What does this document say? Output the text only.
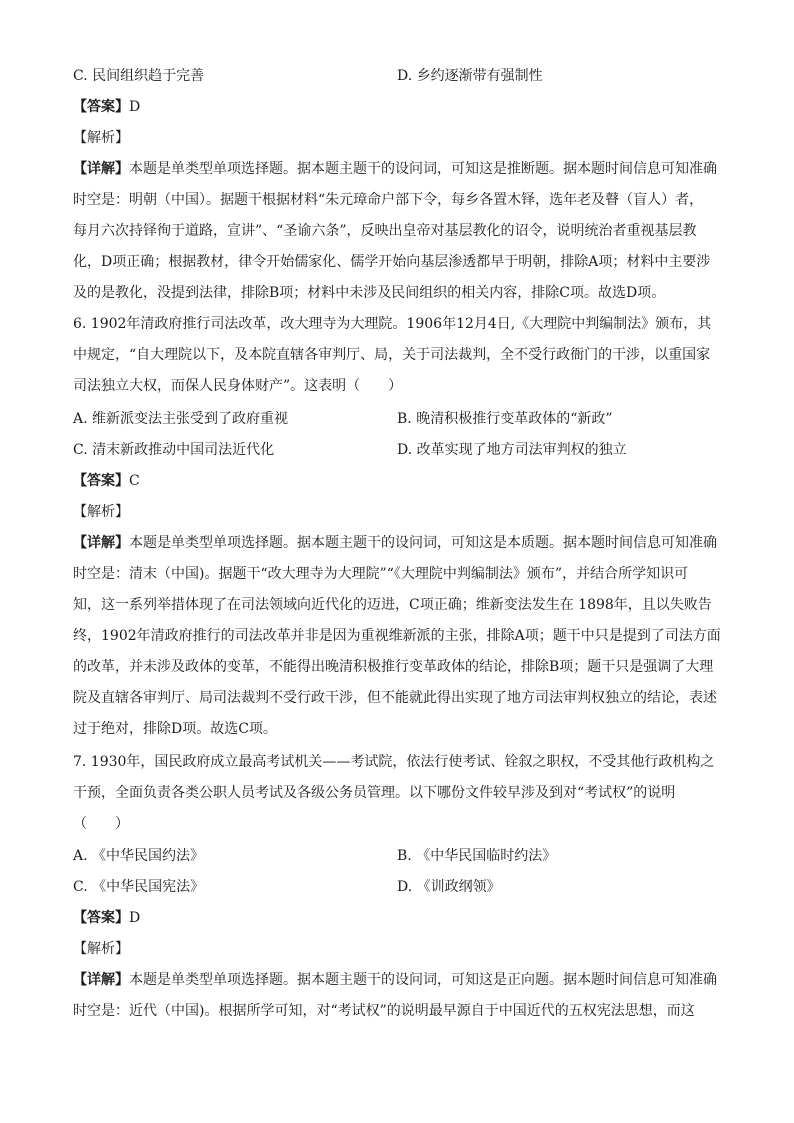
C. 民间组织趋于完善	D. 乡约逐渐带有强制性
【答案】D
【解析】
【详解】本题是单类型单项选择题。据本题主题干的设问词，可知这是推断题。据本题时间信息可知准确
时空是：明朝（中国）。据题干根据材料“朱元璋命户部下令，每乡各置木铎，选年老及瞽（盲人）者，
每月六次持铎徇于道路，宣讲”、“圣谕六条”，反映出皇帝对基层教化的诏令，说明统治者重视基层教
化，D项正确；根据教材，律令开始儒家化、儒学开始向基层渗透都早于明朝，排除A项；材料中主要涉
及的是教化，没提到法律，排除B项；材料中未涉及民间组织的相关内容，排除C项。故选D项。
6. 1902年清政府推行司法改革，改大理寺为大理院。1906年12月4日,《大理院中判编制法》颁布，其
中规定，“自大理院以下，及本院直辖各审判厅、局，关于司法裁判，全不受行政衙门的干涉，以重国家
司法独立大权，而保人民身体财产”。这表明（　　）
A. 维新派变法主张受到了政府重视	B. 晚清积极推行变革政体的“新政”
C. 清末新政推动中国司法近代化	D. 改革实现了地方司法审判权的独立
【答案】C
【解析】
【详解】本题是单类型单项选择题。据本题主题干的设问词，可知这是本质题。据本题时间信息可知准确
时空是：清末（中国)。据题干“改大理寺为大理院”“《大理院中判编制法》颁布”，并结合所学知识可
知，这一系列举措体现了在司法领域向近代化的迈进，C项正确；维新变法发生在 1898年，且以失败告
终，1902年清政府推行的司法改革并非是因为重视维新派的主张，排除A项；题干中只是提到了司法方面
的改革，并未涉及政体的变革，不能得出晚清积极推行变革政体的结论，排除B项；题干只是强调了大理
院及直辖各审判厅、局司法裁判不受行政干涉，但不能就此得出实现了地方司法审判权独立的结论，表述
过于绝对，排除D项。故选C项。
7. 1930年，国民政府成立最高考试机关——考试院，依法行使考试、铨叙之职权，不受其他行政机构之
干预，全面负责各类公职人员考试及各级公务员管理。以下哪份文件较早涉及到对“考试权”的说明
（　　）
A. 《中华民国约法》	B. 《中华民国临时约法》
C. 《中华民国宪法》	D. 《训政纲领》
【答案】D
【解析】
【详解】本题是单类型单项选择题。据本题主题干的设问词，可知这是正向题。据本题时间信息可知准确
时空是：近代（中国)。根据所学可知，对“考试权”的说明最早源自于中国近代的五权宪法思想，而这
